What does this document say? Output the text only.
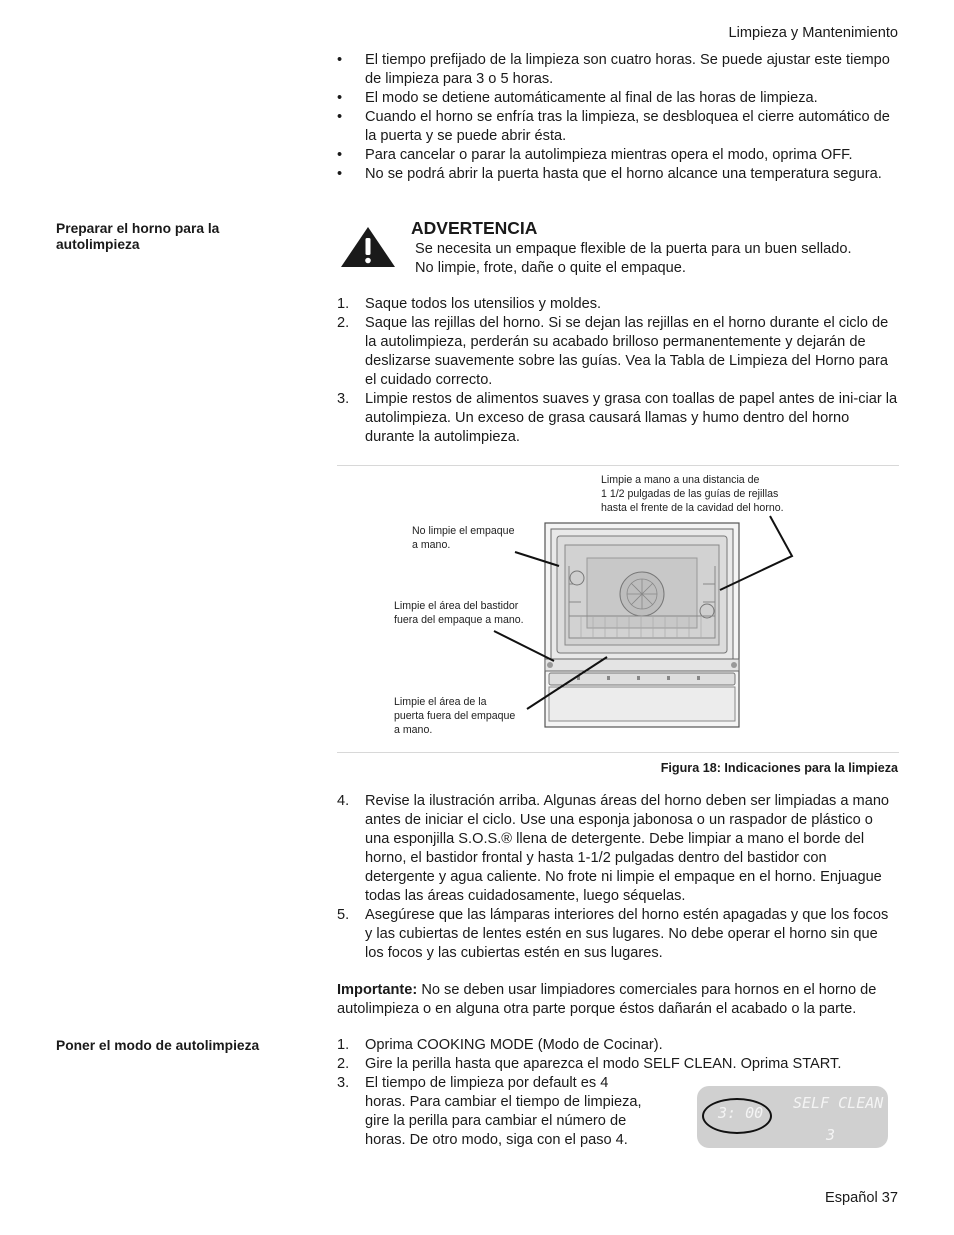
Limpieza y Mantenimiento
•	El tiempo prefijado de la limpieza son cuatro horas. Se puede ajustar este tiempo de limpieza para 3 o 5 horas.
•	El modo se detiene automáticamente al final de las horas de limpieza.
•	Cuando el horno se enfría tras la limpieza, se desbloquea el cierre automático de la puerta y se puede abrir ésta.
•	Para cancelar o parar la autolimpieza mientras opera el modo, oprima OFF.
•	No se podrá abrir la puerta hasta que el horno alcance una temperatura segura.
Preparar el horno para la autolimpieza
ADVERTENCIA
Se necesita un empaque flexible de la puerta para un buen sellado.
No limpie, frote, dañe o quite el empaque.
1.	Saque todos los utensilios y moldes.
2.	Saque las rejillas del horno. Si se dejan las rejillas en el horno durante el ciclo de la autolimpieza, perderán su acabado brilloso permanentemente y dejarán de deslizarse suavemente sobre las guías. Vea la Tabla de Limpieza del Horno para el cuidado correcto.
3.	Limpie restos de alimentos suaves y grasa con toallas de papel antes de ini-ciar la autolimpieza. Un exceso de grasa causará llamas y humo dentro del horno durante la autolimpieza.
Limpie a mano a una distancia de
1 1/2 pulgadas de las guías de rejillas
hasta el frente de la cavidad del horno.
No limpie el empaque
a mano.
Limpie el área del bastidor
fuera del empaque a mano.
Limpie el área de la
puerta fuera del empaque
a mano.
Figura 18: Indicaciones para la limpieza
4.	Revise la ilustración arriba. Algunas áreas del horno deben ser limpiadas a mano antes de iniciar el ciclo. Use una esponja jabonosa o un raspador de plástico o una esponjilla S.O.S.® llena de detergente. Debe limpiar a mano el borde del horno, el bastidor frontal y hasta 1-1/2 pulgadas dentro del bastidor con detergente y agua caliente. No frote ni limpie el empaque en el horno. Enjuague todas las áreas cuidadosamente, luego séquelas.
5.	Asegúrese que las lámparas interiores del horno estén apagadas y que los focos y las cubiertas de lentes estén en sus lugares. No debe operar el horno sin que los focos y las cubiertas estén en sus lugares.
Importante: No se deben usar limpiadores comerciales para hornos en el horno de autolimpieza o en alguna otra parte porque éstos dañarán el acabado o la parte.
Poner el modo de autolimpieza	1.	Oprima COOKING MODE (Modo de Cocinar).
2.	Gire la perilla hasta que aparezca el modo SELF CLEAN. Oprima START.
3.	El tiempo de limpieza por default es 4
horas. Para cambiar el tiempo de limpieza,
gire la perilla para cambiar el número de
horas. De otro modo, siga con el paso 4.
3: 00
SELF CLEAN
3
Español 37
